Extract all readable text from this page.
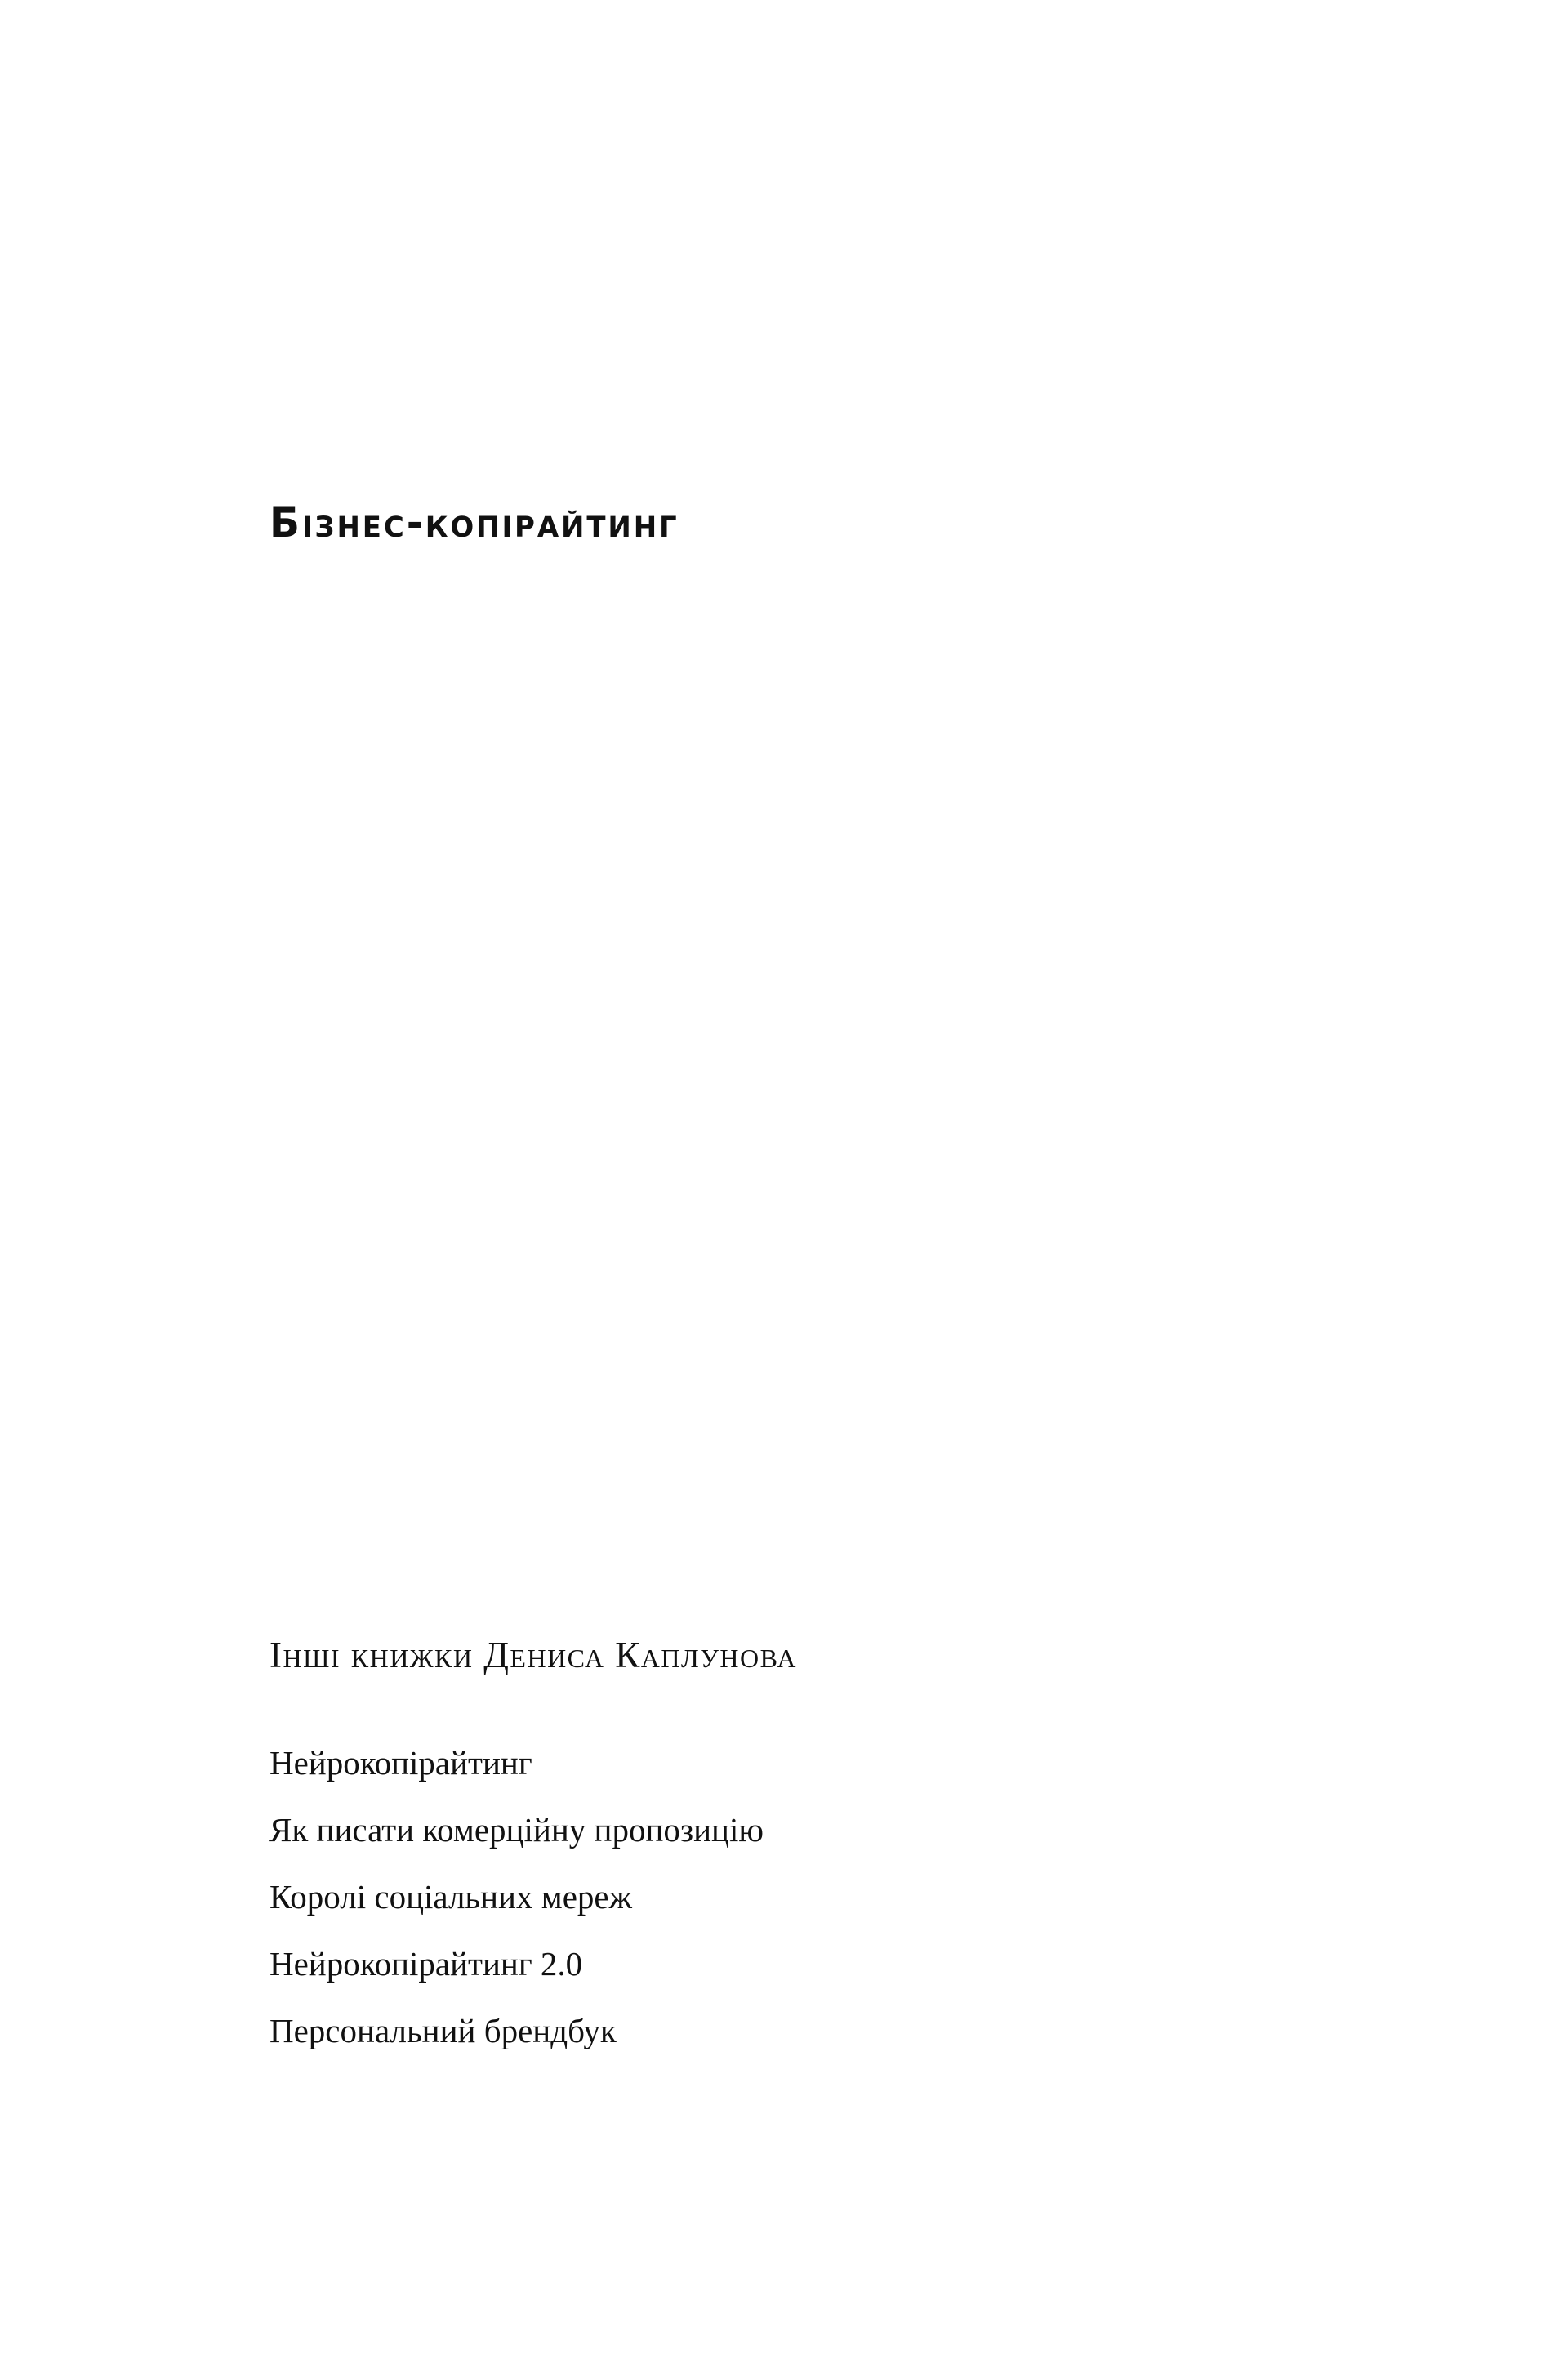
Бізнес-копірайтинг
Інші книжки Дениса Каплунова
Нейрокопірайтинг
Як писати комерційну пропозицію
Королі соціальних мереж
Нейрокопірайтинг 2.0
Персональний брендбук
